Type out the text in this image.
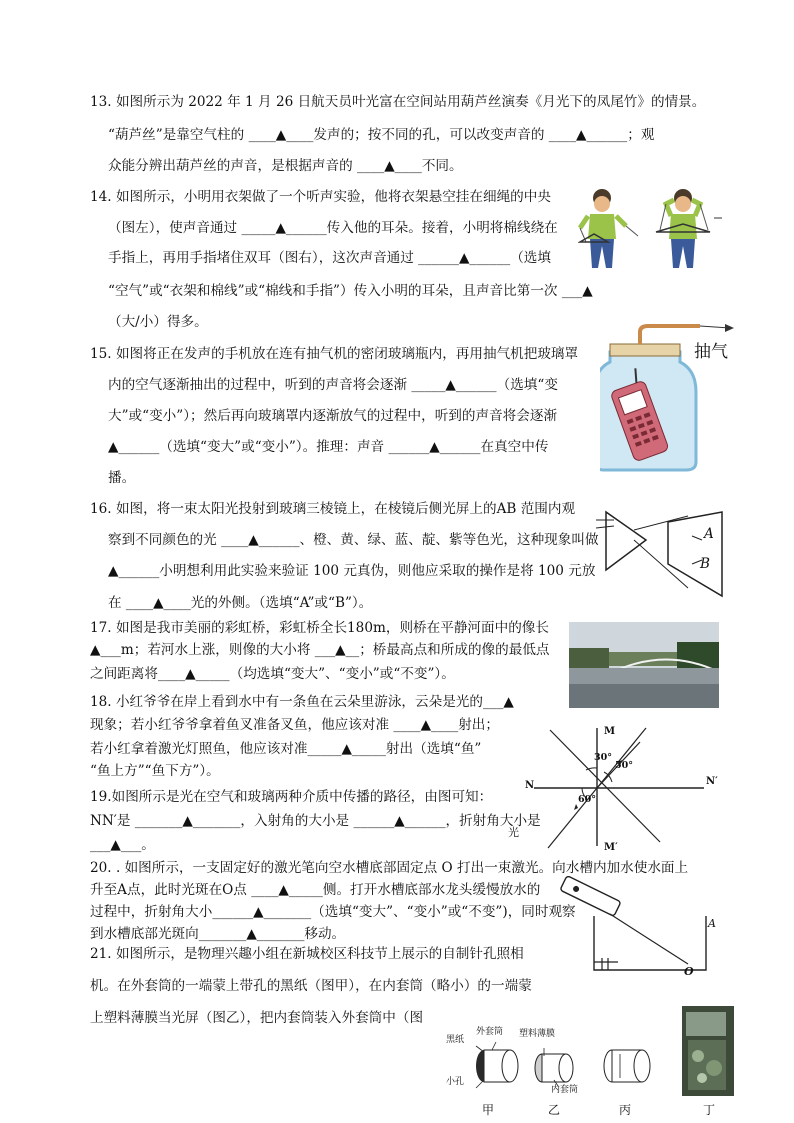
13. 如图所示为 2022 年 1 月 26 日航天员叶光富在空间站用葫芦丝演奏《月光下的凤尾竹》的情景。
“葫芦丝”是靠空气柱的 ____▲____发声的；按不同的孔，可以改变声音的 ____▲______；观
众能分辨出葫芦丝的声音，是根据声音的 ____▲____不同。
14. 如图所示，小明用衣架做了一个听声实验，他将衣架悬空挂在细绳的中央
（图左），使声音通过 _____▲______传入他的耳朵。接着，小明将棉线绕在
手指上，再用手指堵住双耳（图右），这次声音通过 ______▲______（选填
“空气”或“衣架和棉线”或“棉线和手指”）传入小明的耳朵，且声音比第一次 ___▲
（大/小）得多。
15. 如图将正在发声的手机放在连有抽气机的密闭玻璃瓶内，再用抽气机把玻璃罩
内的空气逐渐抽出的过程中，听到的声音将会逐渐 _____▲______（选填“变
大”或“变小”）；然后再向玻璃罩内逐渐放气的过程中，听到的声音将会逐渐
▲______（选填“变大”或“变小”）。推理：声音 ______▲______在真空中传
播。
抽气
16. 如图，将一束太阳光投射到玻璃三棱镜上，在棱镜后侧光屏上的AB 范围内观
察到不同颜色的光 ____▲______、橙、黄、绿、蓝、靛、紫等色光，这种现象叫做
▲______小明想利用此实验来验证 100 元真伪，则他应采取的操作是将 100 元放
在 ____▲____光的外侧。（选填“A”或“B”）。
A
B
17. 如图是我市美丽的彩虹桥，彩虹桥全长180m，则桥在平静河面中的像长
▲___m；若河水上涨，则像的大小将 ___▲__；桥最高点和所成的像的最低点
之间距离将____▲_____（均选填“变大”、“变小”或“不变”）。
18. 小红爷爷在岸上看到水中有一条鱼在云朵里游泳，云朵是光的___▲
现象；若小红爷爷拿着鱼叉准备叉鱼，他应该对准 ____▲____射出；
若小红拿着激光灯照鱼，他应该对准_____▲_____射出（选填“鱼”
“鱼上方”“鱼下方”）。
19.如图所示是光在空气和玻璃两种介质中传播的路径，由图可知：
NN′是 _______▲_______，入射角的大小是 ______▲______，折射角大小是
___▲___。
光
M
M′
N	N′
30°
50°
60°
20. . 如图所示，一支固定好的激光笔向空水槽底部固定点 O 打出一束激光。向水槽内加水使水面上
升至A点，此时光斑在O点 ____▲_____侧。打开水槽底部水龙头缓慢放水的
过程中，折射角大小______▲_______（选填“变大”、“变小”或“不变”)，同时观察
到水槽底部光斑向_______▲_______移动。
A
O
21. 如图所示，是物理兴趣小组在新城校区科技节上展示的自制针孔照相
机。在外套筒的一端蒙上带孔的黑纸（图甲），在内套筒（略小）的一端蒙
上塑料薄膜当光屏（图乙），把内套筒装入外套筒中（图
黑纸
外套筒
小孔
塑料薄膜
内套筒
甲	乙	丙	丁
